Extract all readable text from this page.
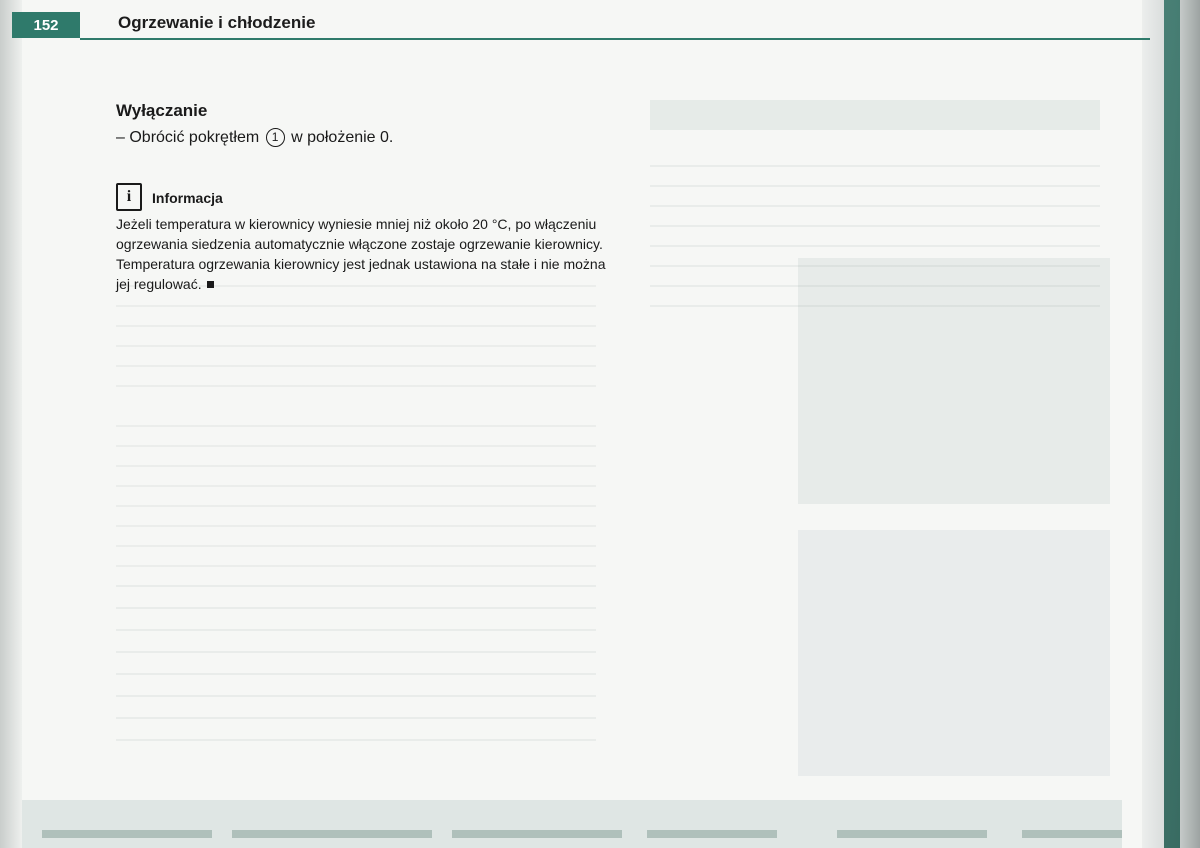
152	Ogrzewanie i chłodzenie
Wyłączanie
– Obrócić pokrętłem 1 w położenie 0.
i	Informacja
Jeżeli temperatura w kierownicy wyniesie mniej niż około 20 °C, po włączeniu ogrzewania siedzenia automatycznie włączone zostaje ogrzewanie kierownicy. Temperatura ogrzewania kierownicy jest jednak ustawiona na stałe i nie można jej regulować.
